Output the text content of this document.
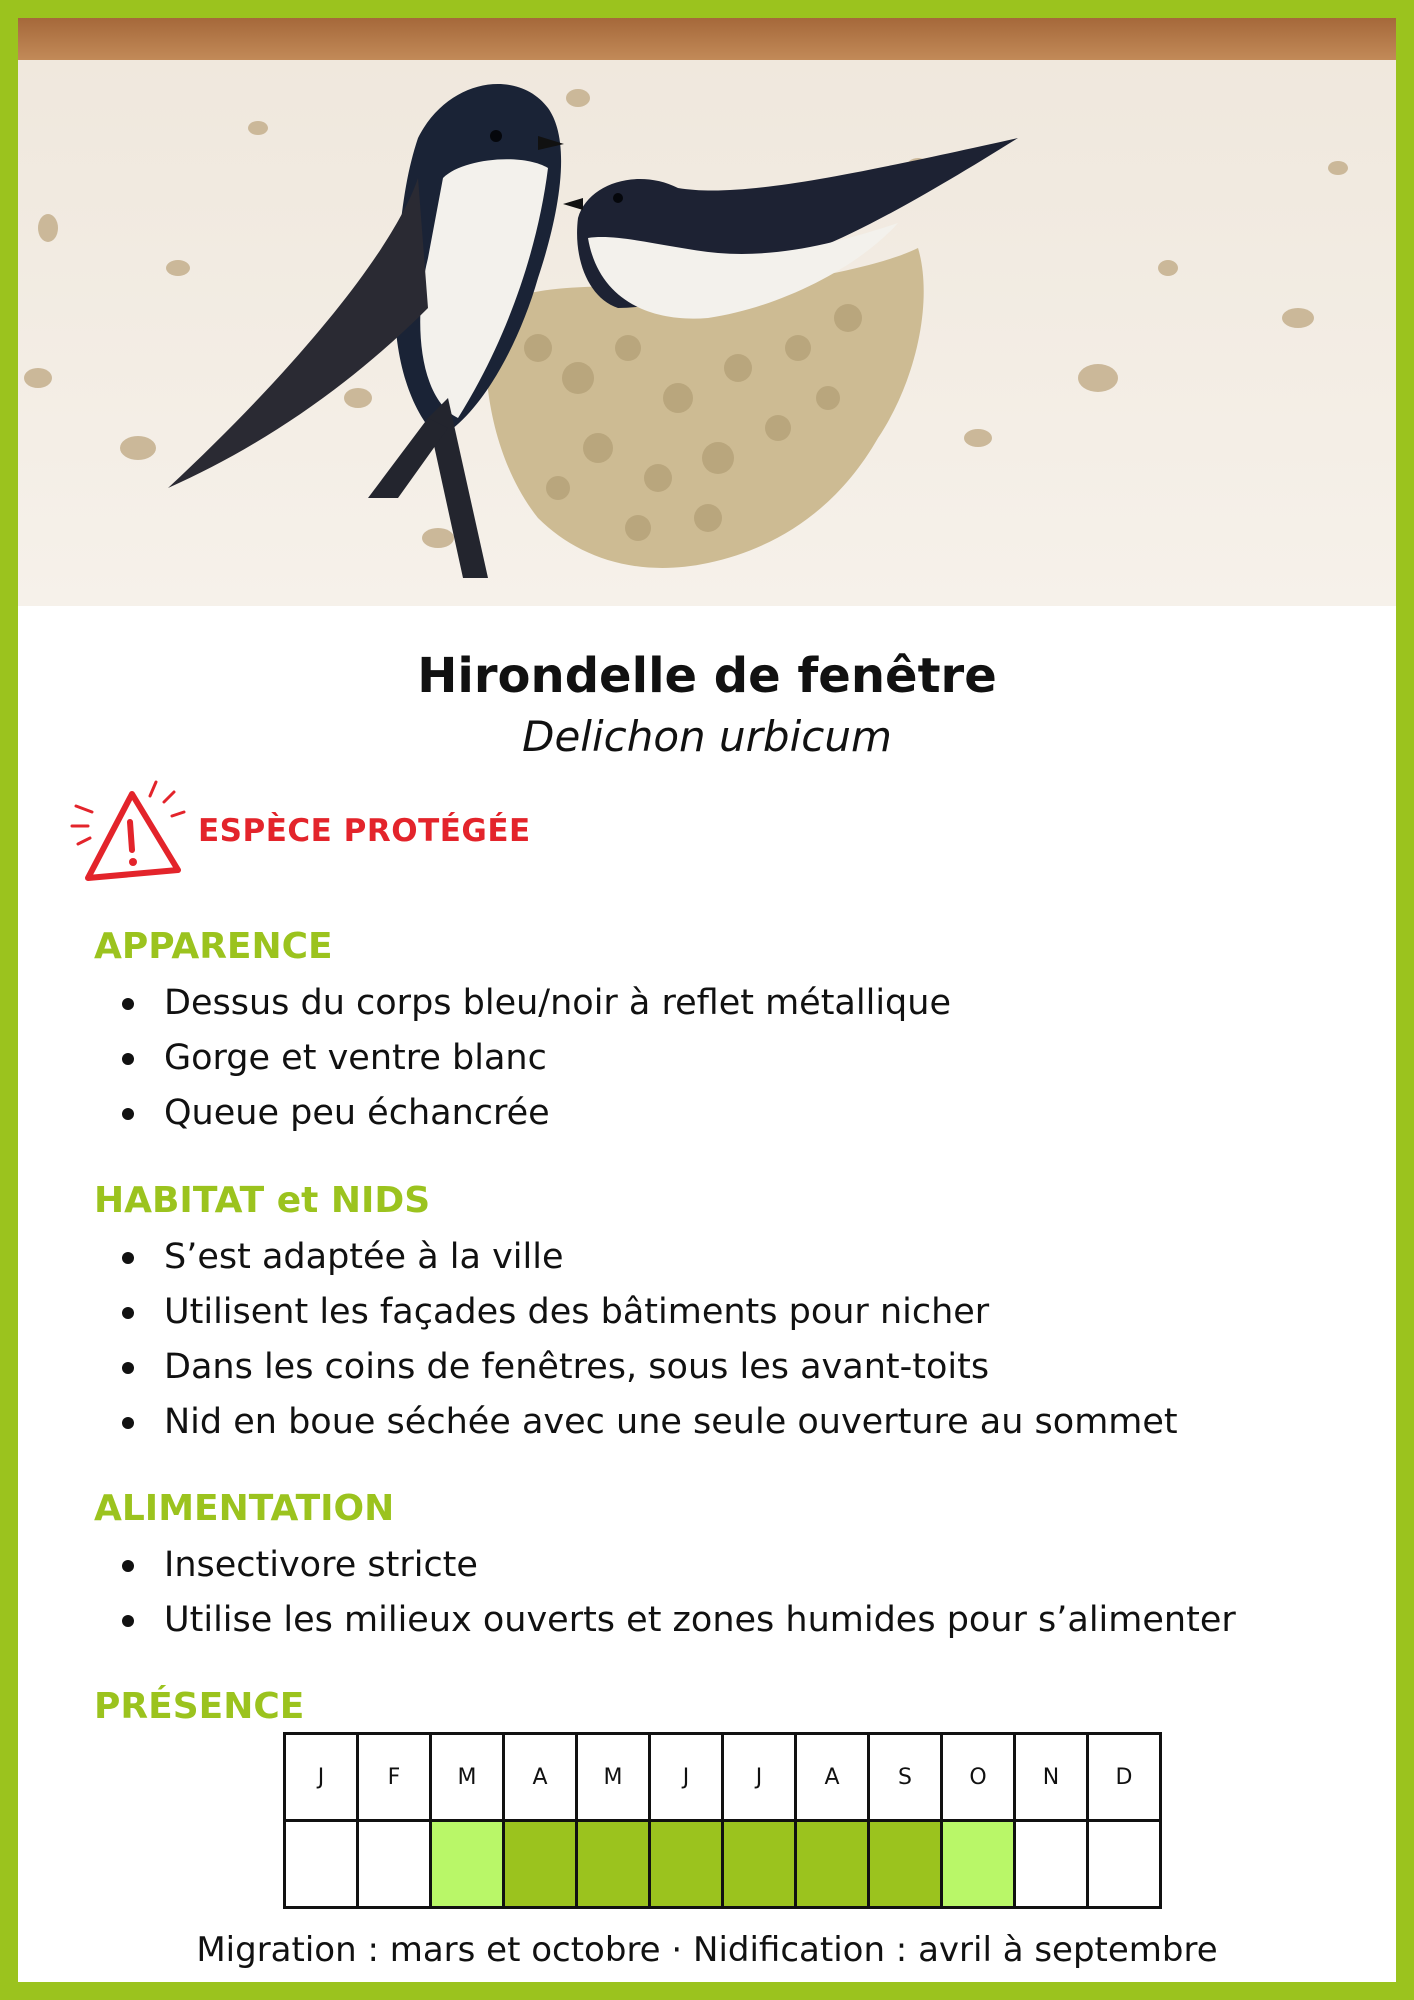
Hirondelle de fenêtre
Delichon urbicum
ESPÈCE PROTÉGÉE
APPARENCE
Dessus du corps bleu/noir à reflet métallique
Gorge et ventre blanc
Queue peu échancrée
HABITAT et NIDS
S’est adaptée à la ville
Utilisent les façades des bâtiments pour nicher
Dans les coins de fenêtres, sous les avant-toits
Nid en boue séchée avec une seule ouverture au sommet
ALIMENTATION
Insectivore stricte
Utilise les milieux ouverts et zones humides pour s’alimenter
PRÉSENCE
J	F	M	A	M	J	J	A	S	O	N	D

Migration : mars et octobre · Nidification : avril à septembre
